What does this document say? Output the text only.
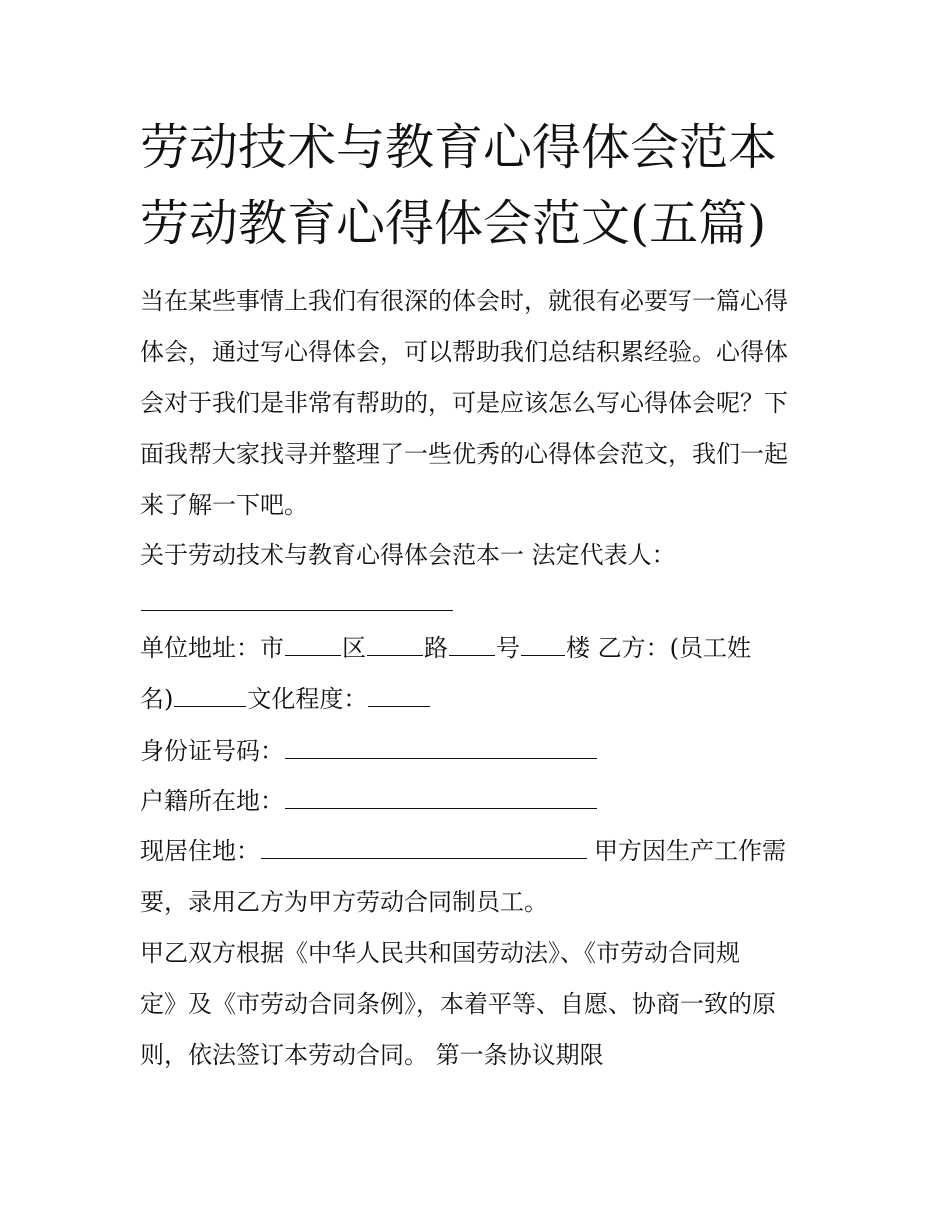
劳动技术与教育心得体会范本
劳动教育心得体会范文(五篇)
当在某些事情上我们有很深的体会时，就很有必要写一篇心得
体会，通过写心得体会，可以帮助我们总结积累经验。心得体
会对于我们是非常有帮助的，可是应该怎么写心得体会呢？下
面我帮大家找寻并整理了一些优秀的心得体会范文，我们一起
来了解一下吧。
关于劳动技术与教育心得体会范本一 法定代表人：
单位地址：市 区 路 号 楼 乙方：(员工姓
名)	文化程度：
身份证号码：
户籍所在地：
现居住地：	甲方因生产工作需
要，录用乙方为甲方劳动合同制员工。
甲乙双方根据《中华人民共和国劳动法》、《市劳动合同规
定》及《市劳动合同条例》，本着平等、自愿、协商一致的原
则，依法签订本劳动合同。 第一条协议期限
